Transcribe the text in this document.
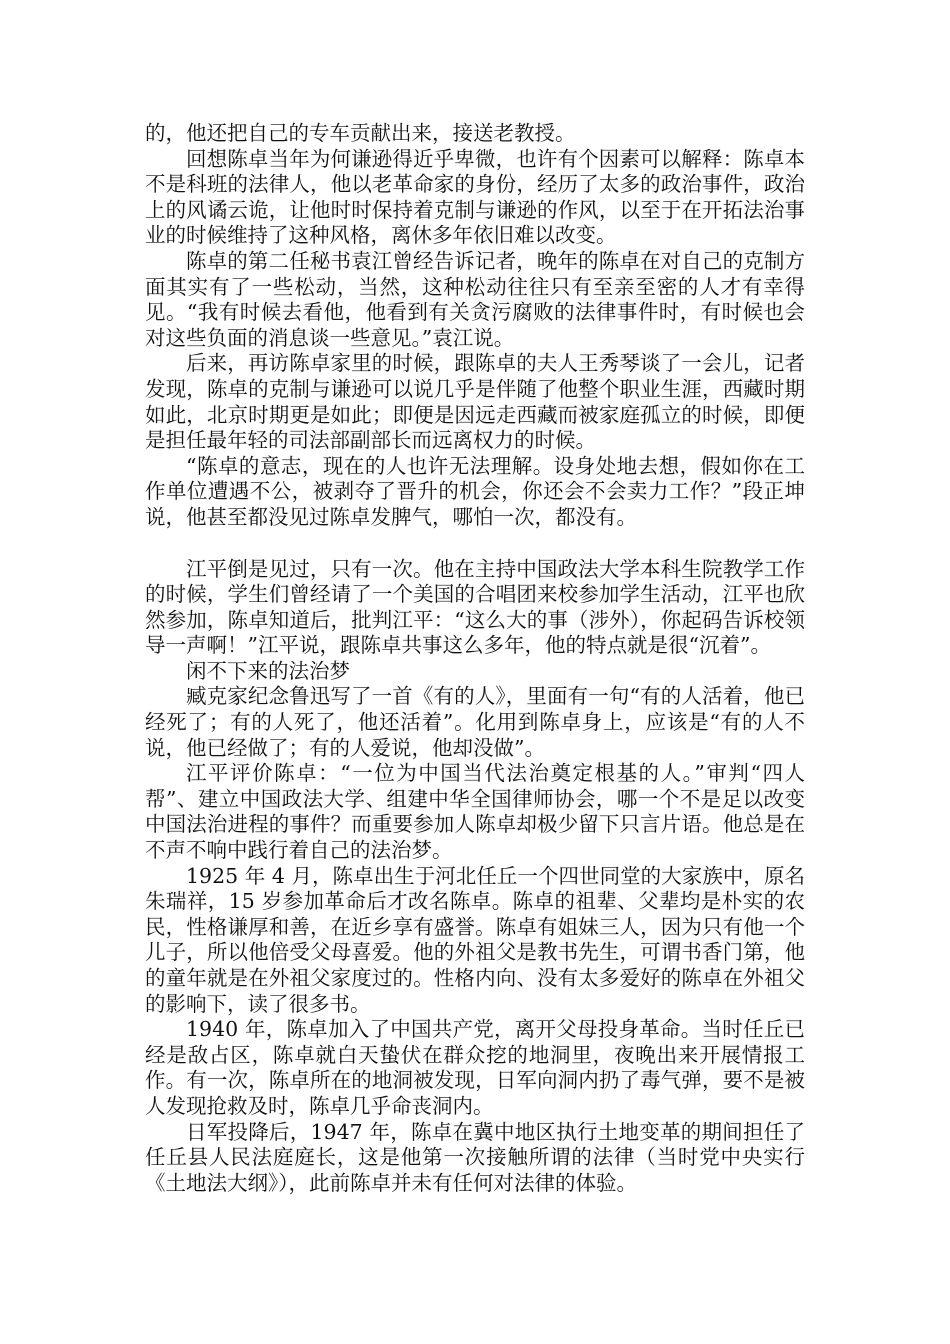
的，他还把自己的专车贡献出来，接送老教授。

回想陈卓当年为何谦逊得近乎卑微，也许有个因素可以解释：陈卓本不是科班的法律人，他以老革命家的身份，经历了太多的政治事件，政治上的风谲云诡，让他时时保持着克制与谦逊的作风，以至于在开拓法治事业的时候维持了这种风格，离休多年依旧难以改变。

陈卓的第二任秘书袁江曾经告诉记者，晚年的陈卓在对自己的克制方面其实有了一些松动，当然，这种松动往往只有至亲至密的人才有幸得见。“我有时候去看他，他看到有关贪污腐败的法律事件时，有时候也会对这些负面的消息谈一些意见。”袁江说。

后来，再访陈卓家里的时候，跟陈卓的夫人王秀琴谈了一会儿，记者发现，陈卓的克制与谦逊可以说几乎是伴随了他整个职业生涯，西藏时期如此，北京时期更是如此；即便是因远走西藏而被家庭孤立的时候，即便是担任最年轻的司法部副部长而远离权力的时候。

“陈卓的意志，现在的人也许无法理解。设身处地去想，假如你在工作单位遭遇不公，被剥夺了晋升的机会，你还会不会卖力工作？”段正坤说，他甚至都没见过陈卓发脾气，哪怕一次，都没有。

江平倒是见过，只有一次。他在主持中国政法大学本科生院教学工作的时候，学生们曾经请了一个美国的合唱团来校参加学生活动，江平也欣然参加，陈卓知道后，批判江平：“这么大的事（涉外），你起码告诉校领导一声啊！”江平说，跟陈卓共事这么多年，他的特点就是很“沉着”。

闲不下来的法治梦

臧克家纪念鲁迅写了一首《有的人》，里面有一句“有的人活着，他已经死了；有的人死了，他还活着”。化用到陈卓身上，应该是“有的人不说，他已经做了；有的人爱说，他却没做”。

江平评价陈卓：“一位为中国当代法治奠定根基的人。”审判“四人帮”、建立中国政法大学、组建中华全国律师协会，哪一个不是足以改变中国法治进程的事件？而重要参加人陈卓却极少留下只言片语。他总是在不声不响中践行着自己的法治梦。

1925 年 4 月，陈卓出生于河北任丘一个四世同堂的大家族中，原名朱瑞祥，15 岁参加革命后才改名陈卓。陈卓的祖辈、父辈均是朴实的农民，性格谦厚和善，在近乡享有盛誉。陈卓有姐妹三人，因为只有他一个儿子，所以他倍受父母喜爱。他的外祖父是教书先生，可谓书香门第，他的童年就是在外祖父家度过的。性格内向、没有太多爱好的陈卓在外祖父的影响下，读了很多书。

1940 年，陈卓加入了中国共产党，离开父母投身革命。当时任丘已经是敌占区，陈卓就白天蛰伏在群众挖的地洞里，夜晚出来开展情报工作。有一次，陈卓所在的地洞被发现，日军向洞内扔了毒气弹，要不是被人发现抢救及时，陈卓几乎命丧洞内。

日军投降后，1947 年，陈卓在冀中地区执行土地变革的期间担任了任丘县人民法庭庭长，这是他第一次接触所谓的法律（当时党中央实行《土地法大纲》），此前陈卓并未有任何对法律的体验。
